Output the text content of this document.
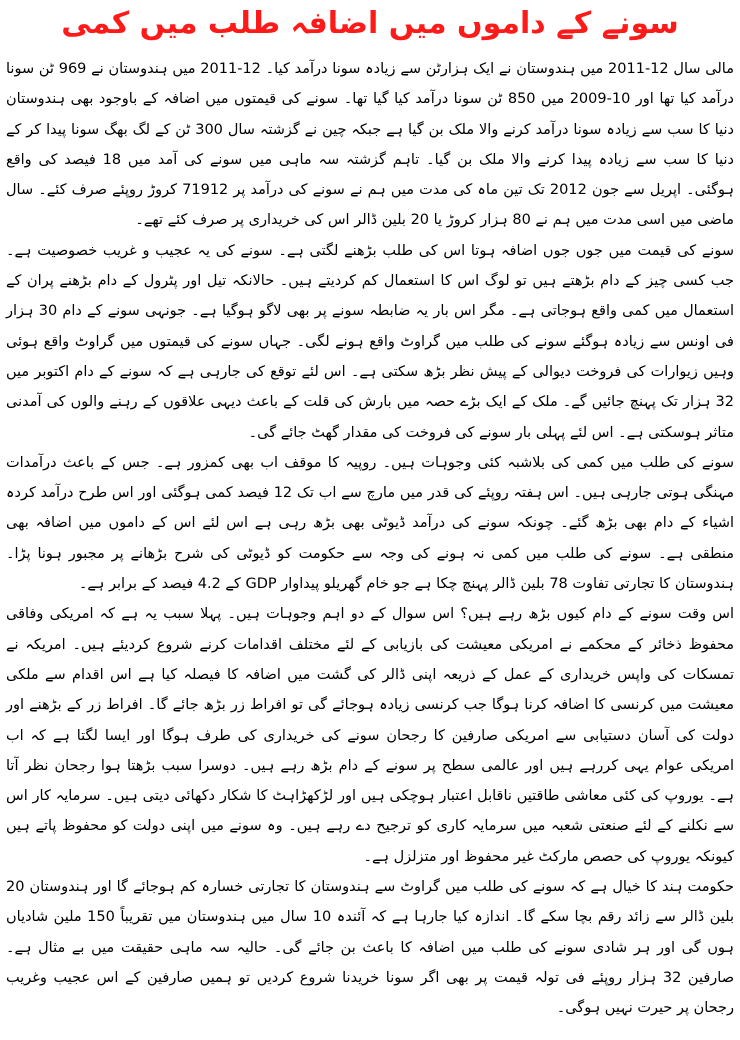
سونے کے داموں میں اضافہ طلب میں کمی

مالی سال 12-2011 میں ہندوستان نے ایک ہزارٹن سے زیادہ سونا درآمد کیا۔ 12-2011 میں ہندوستان نے 969 ٹن سونا درآمد کیا تھا اور 10-2009 میں 850 ٹن سونا درآمد کیا گیا تھا۔ سونے کی قیمتوں میں اضافہ کے باوجود بھی ہندوستان دنیا کا سب سے زیادہ سونا درآمد کرنے والا ملک بن گیا ہے جبکہ چین نے گزشتہ سال 300 ٹن کے لگ بھگ سونا پیدا کر کے دنیا کا سب سے زیادہ پیدا کرنے والا ملک بن گیا۔ تاہم گزشتہ سہ ماہی میں سونے کی آمد میں 18 فیصد کی واقع ہوگئی۔ اپریل سے جون 2012 تک تین ماہ کی مدت میں ہم نے سونے کی درآمد پر 71912 کروڑ روپئے صرف کئے۔ سال ماضی میں اسی مدت میں ہم نے 80 ہزار کروڑ یا 20 بلین ڈالر اس کی خریداری پر صرف کئے تھے۔

سونے کی قیمت میں جوں جوں اضافہ ہوتا اس کی طلب بڑھنے لگتی ہے۔ سونے کی یہ عجیب و غریب خصوصیت ہے۔ جب کسی چیز کے دام بڑھتے ہیں تو لوگ اس کا استعمال کم کردیتے ہیں۔ حالانکہ تیل اور پٹرول کے دام بڑھنے پران کے استعمال میں کمی واقع ہوجاتی ہے۔ مگر اس بار یہ ضابطہ سونے پر بھی لاگو ہوگیا ہے۔ جونہی سونے کے دام 30 ہزار فی اونس سے زیادہ ہوگئے سونے کی طلب میں گراوٹ واقع ہونے لگی۔ جہاں سونے کی قیمتوں میں گراوٹ واقع ہوئی وہیں زیوارات کی فروخت دیوالی کے پیش نظر بڑھ سکتی ہے۔ اس لئے توقع کی جارہی ہے کہ سونے کے دام اکتوبر میں 32 ہزار تک پہنچ جائیں گے۔ ملک کے ایک بڑے حصہ میں بارش کی قلت کے باعث دیہی علاقوں کے رہنے والوں کی آمدنی متاثر ہوسکتی ہے۔ اس لئے پہلی بار سونے کی فروخت کی مقدار گھٹ جائے گی۔

سونے کی طلب میں کمی کی بلاشبہ کئی وجوہات ہیں۔ روپیہ کا موقف اب بھی کمزور ہے۔ جس کے باعث درآمدات مہنگی ہوتی جارہی ہیں۔ اس ہفتہ روپئے کی قدر میں مارچ سے اب تک 12 فیصد کمی ہوگئی اور اس طرح درآمد کردہ اشیاء کے دام بھی بڑھ گئے۔ چونکہ سونے کی درآمد ڈیوٹی بھی بڑھ رہی ہے اس لئے اس کے داموں میں اضافہ بھی منطقی ہے۔ سونے کی طلب میں کمی نہ ہونے کی وجہ سے حکومت کو ڈیوٹی کی شرح بڑھانے پر مجبور ہونا پڑا۔ ہندوستان کا تجارتی تفاوت 78 بلین ڈالر پہنچ چکا ہے جو خام گھریلو پیداوار GDP کے 4.2 فیصد کے برابر ہے۔

اس وقت سونے کے دام کیوں بڑھ رہے ہیں؟ اس سوال کے دو اہم وجوہات ہیں۔ پہلا سبب یہ ہے کہ امریکی وفاقی محفوظ ذخائر کے محکمے نے امریکی معیشت کی بازیابی کے لئے مختلف اقدامات کرنے شروع کردیئے ہیں۔ امریکہ نے تمسکات کی واپس خریداری کے عمل کے ذریعہ اپنی ڈالر کی گشت میں اضافہ کا فیصلہ کیا ہے اس اقدام سے ملکی معیشت میں کرنسی کا اضافہ کرنا ہوگا جب کرنسی زیادہ ہوجائے گی تو افراط زر بڑھ جائے گا۔ افراط زر کے بڑھنے اور دولت کی آسان دستیابی سے امریکی صارفین کا رجحان سونے کی خریداری کی طرف ہوگا اور ایسا لگتا ہے کہ اب امریکی عوام یہی کررہے ہیں اور عالمی سطح پر سونے کے دام بڑھ رہے ہیں۔ دوسرا سبب بڑھتا ہوا رجحان نظر آتا ہے۔ یوروپ کی کئی معاشی طاقتیں ناقابل اعتبار ہوچکی ہیں اور لڑکھڑاہٹ کا شکار دکھائی دیتی ہیں۔ سرمایہ کار اس سے نکلنے کے لئے صنعتی شعبہ میں سرمایہ کاری کو ترجیح دے رہے ہیں۔ وہ سونے میں اپنی دولت کو محفوظ پاتے ہیں کیونکہ یوروپ کی حصص مارکٹ غیر محفوظ اور متزلزل ہے۔

حکومت ہند کا خیال ہے کہ سونے کی طلب میں گراوٹ سے ہندوستان کا تجارتی خسارہ کم ہوجائے گا اور ہندوستان 20 بلین ڈالر سے زائد رقم بچا سکے گا۔ اندازہ کیا جارہا ہے کہ آئندہ 10 سال میں ہندوستان میں تقریباً 150 ملین شادیاں ہوں گی اور ہر شادی سونے کی طلب میں اضافہ کا باعث بن جائے گی۔ حالیہ سہ ماہی حقیقت میں بے مثال ہے۔ صارفین 32 ہزار روپئے فی تولہ قیمت پر بھی اگر سونا خریدنا شروع کردیں تو ہمیں صارفین کے اس عجیب وغریب رجحان پر حیرت نہیں ہوگی۔
